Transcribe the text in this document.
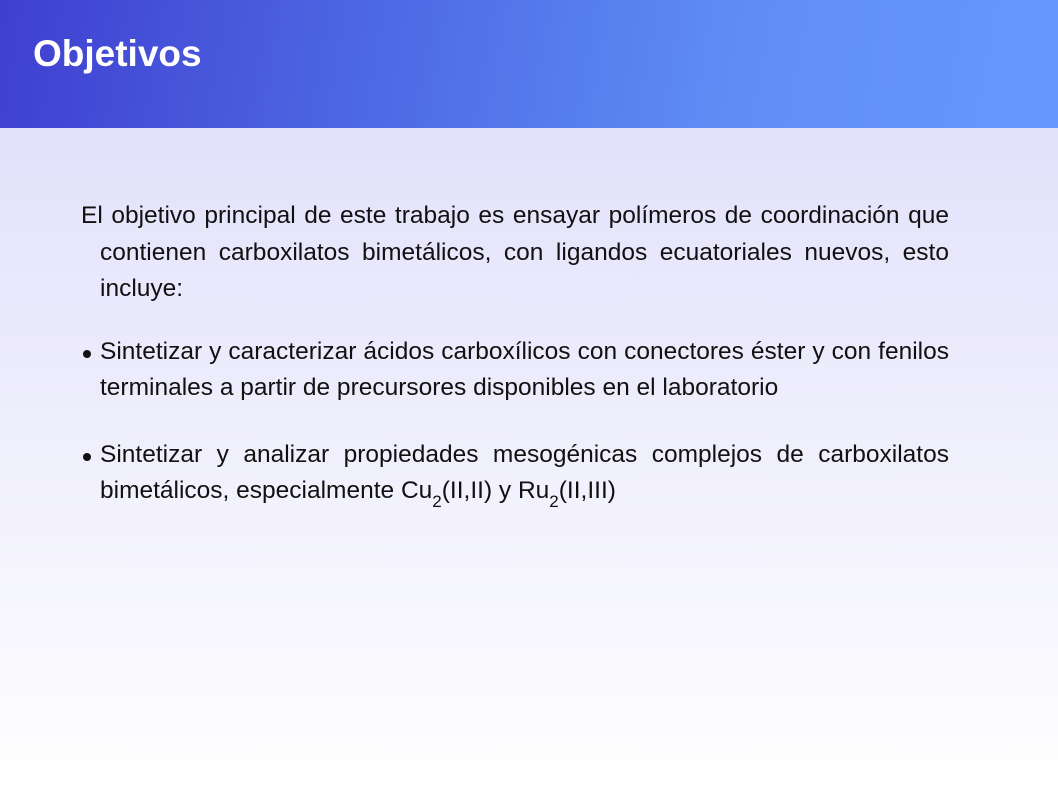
Objetivos

El objetivo principal de este trabajo es ensayar polímeros de coordinación que contienen carboxilatos bimetálicos, con ligandos ecuatoriales nuevos, esto incluye:

Sintetizar y caracterizar ácidos carboxílicos con conectores éster y con fenilos terminales a partir de precursores disponibles en el laboratorio
Sintetizar y analizar propiedades mesogénicas complejos de carboxilatos bimetálicos, especialmente $Cu_2(II,II)$ y $Ru_2(II,III)$
